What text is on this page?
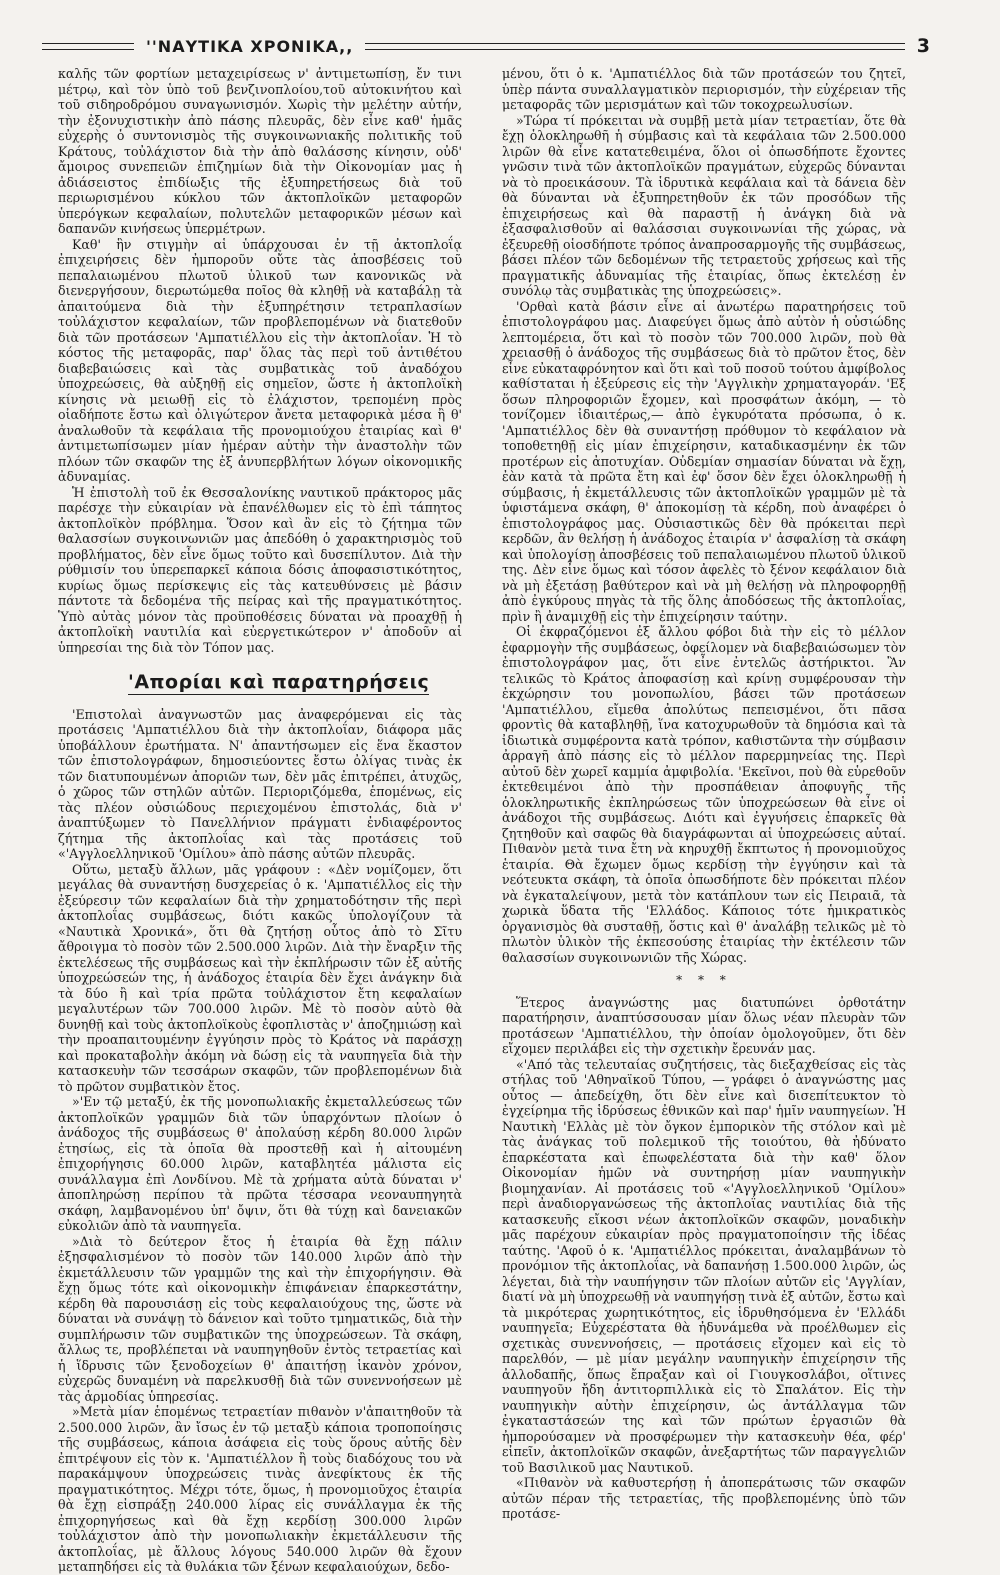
''ΝΑΥΤΙΚΑ ΧΡΟΝΙΚΑ,,	3

καλῆς τῶν φορτίων μεταχειρίσεως ν' ἀντιμετωπίσῃ, ἔν τινι μέτρῳ, καὶ τὸν ὑπὸ τοῦ βενζινοπλοίου,τοῦ αὐτοκινήτου καὶ τοῦ σιδηροδρόμου συναγωνισμόν. Χωρὶς τὴν μελέτην αὐτήν, τὴν ἐξονυχιστικὴν ἀπὸ πάσης πλευρᾶς, δὲν εἶνε καθ' ἡμᾶς εὐχερὴς ὁ συντονισμὸς τῆς συγκοινωνιακῆς πολιτικῆς τοῦ Κράτους, τοὐλάχιστον διὰ τὴν ἀπὸ θαλάσσης κίνησιν, οὐδ' ἄμοιρος συνεπειῶν ἐπιζημίων διὰ τὴν Οἰκονομίαν μας ἡ ἀδιάσειστος ἐπιδίωξις τῆς ἐξυπηρετήσεως διὰ τοῦ περιωρισμένου κύκλου τῶν ἀκτοπλοϊκῶν μεταφορῶν ὑπερόγκων κεφαλαίων, πολυτελῶν μεταφορικῶν μέσων καὶ δαπανῶν κινήσεως ὑπερμέτρων.

Καθ' ἣν στιγμὴν αἱ ὑπάρχουσαι ἐν τῇ ἀκτοπλοΐᾳ ἐπιχειρήσεις δὲν ἠμποροῦν οὔτε τὰς ἀποσβέσεις τοῦ πεπαλαιωμένου πλωτοῦ ὑλικοῦ των κανονικῶς νὰ διενεργήσουν, διερωτώμεθα ποῖος θὰ κληθῇ νὰ καταβάλῃ τὰ ἀπαιτούμενα διὰ τὴν ἐξυπηρέτησιν τετραπλασίων τοὐλάχιστον κεφαλαίων, τῶν προβλεπομένων νὰ διατεθοῦν διὰ τῶν προτάσεων 'Αμπατιέλλου εἰς τὴν ἀκτοπλοΐαν. Ἡ τὸ κόστος τῆς μεταφορᾶς, παρ' ὅλας τὰς περὶ τοῦ ἀντιθέτου διαβεβαιώσεις καὶ τὰς συμβατικὰς τοῦ ἀναδόχου ὑποχρεώσεις, θὰ αὐξηθῇ εἰς σημεῖον, ὥστε ἡ ἀκτοπλοϊκὴ κίνησις νὰ μειωθῇ εἰς τὸ ἐλάχιστον, τρεπομένη πρὸς οἰαδήποτε ἔστω καὶ ὀλιγώτερον ἄνετα μεταφορικὰ μέσα ἢ θ' ἀναλωθοῦν τὰ κεφάλαια τῆς προνομιούχου ἑταιρίας καὶ θ' ἀντιμετωπίσωμεν μίαν ἡμέραν αὐτὴν τὴν ἀναστολὴν τῶν πλόων τῶν σκαφῶν της ἐξ ἀνυπερβλήτων λόγων οἰκονομικῆς ἀδυναμίας.

Ἡ ἐπιστολὴ τοῦ ἐκ Θεσσαλονίκης ναυτικοῦ πράκτορος μᾶς παρέσχε τὴν εὐκαιρίαν νὰ ἐπανέλθωμεν εἰς τὸ ἐπὶ τάπητος ἀκτοπλοϊκὸν πρόβλημα. Ὅσον καὶ ἂν εἰς τὸ ζήτημα τῶν θαλασσίων συγκοινωνιῶν μας ἀπεδόθη ὁ χαρακτηρισμὸς τοῦ προβλήματος, δὲν εἶνε ὅμως τοῦτο καὶ δυσεπίλυτον. Διὰ τὴν ρύθμισίν του ὑπερεπαρκεῖ κάποια δόσις ἀποφασιστικότητος, κυρίως ὅμως περίσκεψις εἰς τὰς κατευθύνσεις μὲ βάσιν πάντοτε τὰ δεδομένα τῆς πείρας καὶ τῆς πραγματικότητος. Ὑπὸ αὐτὰς μόνον τὰς προϋποθέσεις δύναται νὰ προαχθῇ ἡ ἀκτοπλοϊκὴ ναυτιλία καὶ εὐεργετικώτερον ν' ἀποδοῦν αἱ ὑπηρεσίαι της διὰ τὸν Τόπον μας.

'Απορίαι καὶ παρατηρήσεις

'Επιστολαὶ ἀναγνωστῶν μας ἀναφερόμεναι εἰς τὰς προτάσεις 'Αμπατιέλλου διὰ τὴν ἀκτοπλοΐαν, διάφορα μᾶς ὑποβάλλουν ἐρωτήματα. Ν' ἀπαντήσωμεν εἰς ἕνα ἕκαστον τῶν ἐπιστολογράφων, δημοσιεύοντες ἔστω ὀλίγας τινὰς ἐκ τῶν διατυπουμένων ἀποριῶν των, δὲν μᾶς ἐπιτρέπει, ἀτυχῶς, ὁ χῶρος τῶν στηλῶν αὐτῶν. Περιοριζόμεθα, ἑπομένως, εἰς τὰς πλέον οὐσιώδους περιεχομένου ἐπιστολάς, διὰ ν' ἀναπτύξωμεν τὸ Πανελλήνιον πράγματι ἐνδιαφέροντος ζήτημα τῆς ἀκτοπλοΐας καὶ τὰς προτάσεις τοῦ «'Αγγλοελληνικοῦ 'Ομίλου» ἀπὸ πάσης αὐτῶν πλευρᾶς.

Οὕτω, μεταξὺ ἄλλων, μᾶς γράφουν : «Δὲν νομίζομεν, ὅτι μεγάλας θὰ συναντήσῃ δυσχερείας ὁ κ. 'Αμπατιέλλος εἰς τὴν ἐξεύρεσιν τῶν κεφαλαίων διὰ τὴν χρηματοδότησιν τῆς περὶ ἀκτοπλοΐας συμβάσεως, διότι κακῶς ὑπολογίζουν τὰ «Ναυτικὰ Χρονικά», ὅτι θὰ ζητήσῃ οὗτος ἀπὸ τὸ Σῖτυ ἄθροιγμα τὸ ποσὸν τῶν 2.500.000 λιρῶν. Διὰ τὴν ἔναρξιν τῆς ἐκτελέσεως τῆς συμβάσεως καὶ τὴν ἐκπλήρωσιν τῶν ἐξ αὐτῆς ὑποχρεώσεών της, ἡ ἀνάδοχος ἑταιρία δὲν ἔχει ἀνάγκην διὰ τὰ δύο ἢ καὶ τρία πρῶτα τοὐλάχιστον ἔτη κεφαλαίων μεγαλυτέρων τῶν 700.000 λιρῶν. Μὲ τὸ ποσὸν αὐτὸ θὰ δυνηθῇ καὶ τοὺς ἀκτοπλοϊκοὺς ἐφοπλιστὰς ν' ἀποζημιώσῃ καὶ τὴν προαπαιτουμένην ἐγγύησιν πρὸς τὸ Κράτος νὰ παράσχῃ καὶ προκαταβολὴν ἀκόμη νὰ δώσῃ εἰς τὰ ναυπηγεῖα διὰ τὴν κατασκευὴν τῶν τεσσάρων σκαφῶν, τῶν προβλεπομένων διὰ τὸ πρῶτον συμβατικὸν ἔτος.

»'Εν τῷ μεταξύ, ἐκ τῆς μονοπωλιακῆς ἐκμεταλλεύσεως τῶν ἀκτοπλοϊκῶν γραμμῶν διὰ τῶν ὑπαρχόντων πλοίων ὁ ἀνάδοχος τῆς συμβάσεως θ' ἀπολαύσῃ κέρδη 80.000 λιρῶν ἐτησίως, εἰς τὰ ὁποῖα θὰ προστεθῇ καὶ ἡ αἰτουμένη ἐπιχορήγησις 60.000 λιρῶν, καταβλητέα μάλιστα εἰς συνάλλαγμα ἐπὶ Λονδίνου. Μὲ τὰ χρήματα αὐτὰ δύναται ν' ἀποπληρώσῃ περίπου τὰ πρῶτα τέσσαρα νεοναυπηγητὰ σκάφη, λαμβανομένου ὑπ' ὄψιν, ὅτι θὰ τύχῃ καὶ δανειακῶν εὐκολιῶν ἀπὸ τὰ ναυπηγεῖα.

»Διὰ τὸ δεύτερον ἔτος ἡ ἑταιρία θὰ ἔχῃ πάλιν ἐξησφαλισμένον τὸ ποσὸν τῶν 140.000 λιρῶν ἀπὸ τὴν ἐκμετάλλευσιν τῶν γραμμῶν της καὶ τὴν ἐπιχορήγησιν. Θὰ ἔχῃ ὅμως τότε καὶ οἰκονομικὴν ἐπιφάνειαν ἐπαρκεστάτην, κέρδη θὰ παρουσιάσῃ εἰς τοὺς κεφαλαιούχους της, ὥστε νὰ δύναται νὰ συνάψῃ τὸ δάνειον καὶ τοῦτο τμηματικῶς, διὰ τὴν συμπλήρωσιν τῶν συμβατικῶν της ὑποχρεώσεων. Τὰ σκάφη, ἄλλως τε, προβλέπεται νὰ ναυπηγηθοῦν ἐντὸς τετραετίας καὶ ἡ ἵδρυσις τῶν ξενοδοχείων θ' ἀπαιτήσῃ ἱκανὸν χρόνον, εὐχερῶς δυναμένη νὰ παρελκυσθῇ διὰ τῶν συνεννοήσεων μὲ τὰς ἁρμοδίας ὑπηρεσίας.

»Μετὰ μίαν ἑπομένως τετραετίαν πιθανὸν ν'ἀπαιτηθοῦν τὰ 2.500.000 λιρῶν, ἂν ἴσως ἐν τῷ μεταξὺ κάποια τροποποίησις τῆς συμβάσεως, κάποια ἀσάφεια εἰς τοὺς ὅρους αὐτῆς δὲν ἐπιτρέψουν εἰς τὸν κ. 'Αμπατιέλλον ἢ τοὺς διαδόχους του νὰ παρακάμψουν ὑποχρεώσεις τινὰς ἀνεφίκτους ἐκ τῆς πραγματικότητος. Μέχρι τότε, ὅμως, ἡ προνομιοῦχος ἑταιρία θὰ ἔχῃ εἰσπράξῃ 240.000 λίρας εἰς συνάλλαγμα ἐκ τῆς ἐπιχορηγήσεως καὶ θὰ ἔχῃ κερδίσῃ 300.000 λιρῶν τοὐλάχιστον ἀπὸ τὴν μονοπωλιακὴν ἐκμετάλλευσιν τῆς ἀκτοπλοΐας, μὲ ἄλλους λόγους 540.000 λιρῶν θὰ ἔχουν μεταπηδήσει εἰς τὰ θυλάκια τῶν ξένων κεφαλαιούχων, δεδο-

μένου, ὅτι ὁ κ. 'Αμπατιέλλος διὰ τῶν προτάσεών του ζητεῖ, ὑπὲρ πάντα συναλλαγματικὸν περιορισμόν, τὴν εὐχέρειαν τῆς μεταφορᾶς τῶν μερισμάτων καὶ τῶν τοκοχρεωλυσίων.

»Τώρα τί πρόκειται νὰ συμβῇ μετὰ μίαν τετραετίαν, ὅτε θὰ ἔχῃ ὁλοκληρωθῆ ἡ σύμβασις καὶ τὰ κεφάλαια τῶν 2.500.000 λιρῶν θὰ εἶνε κατατεθειμένα, ὅλοι οἱ ὁπωσδήποτε ἔχοντες γνῶσιν τινὰ τῶν ἀκτοπλοϊκῶν πραγμάτων, εὐχερῶς δύνανται νὰ τὸ προεικάσουν. Τὰ ἱδρυτικὰ κεφάλαια καὶ τὰ δάνεια δὲν θὰ δύνανται νὰ ἐξυπηρετηθοῦν ἐκ τῶν προσόδων τῆς ἐπιχειρήσεως καὶ θὰ παραστῇ ἡ ἀνάγκη διὰ νὰ ἐξασφαλισθοῦν αἱ θαλάσσιαι συγκοινωνίαι τῆς χώρας, νὰ ἐξευρεθῇ οἱοσδήποτε τρόπος ἀναπροσαρμογῆς τῆς συμβάσεως, βάσει πλέον τῶν δεδομένων τῆς τετραετοῦς χρήσεως καὶ τῆς πραγματικῆς ἀδυναμίας τῆς ἑταιρίας, ὅπως ἐκτελέσῃ ἐν συνόλῳ τὰς συμβατικὰς της ὑποχρεώσεις».

'Ορθαὶ κατὰ βάσιν εἶνε αἱ ἀνωτέρω παρατηρήσεις τοῦ ἐπιστολογράφου μας. Διαφεύγει ὅμως ἀπὸ αὐτὸν ἡ οὐσιώδης λεπτομέρεια, ὅτι καὶ τὸ ποσὸν τῶν 700.000 λιρῶν, ποὺ θὰ χρειασθῇ ὁ ἀνάδοχος τῆς συμβάσεως διὰ τὸ πρῶτον ἔτος, δὲν εἶνε εὐκαταφρόνητον καὶ ὅτι καὶ τοῦ ποσοῦ τούτου ἀμφίβολος καθίσταται ἡ ἐξεύρεσις εἰς τὴν 'Αγγλικὴν χρηματαγοράν. 'Εξ ὅσων πληροφοριῶν ἔχομεν, καὶ προσφάτων ἀκόμη, — τὸ τονίζομεν ἰδιαιτέρως,— ἀπὸ ἐγκυρότατα πρόσωπα, ὁ κ. 'Αμπατιέλλος δὲν θὰ συναντήσῃ πρόθυμον τὸ κεφάλαιον νὰ τοποθετηθῇ εἰς μίαν ἐπιχείρησιν, καταδικασμένην ἐκ τῶν προτέρων εἰς ἀποτυχίαν. Οὐδεμίαν σημασίαν δύναται νὰ ἔχῃ, ἐὰν κατὰ τὰ πρῶτα ἔτη καὶ ἐφ' ὅσον δὲν ἔχει ὁλοκληρωθῇ ἡ σύμβασις, ἡ ἐκμετάλλευσις τῶν ἀκτοπλοϊκῶν γραμμῶν μὲ τὰ ὑφιστάμενα σκάφη, θ' ἀποκομίσῃ τὰ κέρδη, ποὺ ἀναφέρει ὁ ἐπιστολογράφος μας. Οὐσιαστικῶς δὲν θὰ πρόκειται περὶ κερδῶν, ἂν θελήσῃ ἡ ἀνάδοχος ἑταιρία ν' ἀσφαλίσῃ τὰ σκάφη καὶ ὑπολογίσῃ ἀποσβέσεις τοῦ πεπαλαιωμένου πλωτοῦ ὑλικοῦ της. Δὲν εἶνε ὅμως καὶ τόσον ἀφελὲς τὸ ξένον κεφάλαιον διὰ νὰ μὴ ἐξετάσῃ βαθύτερον καὶ νὰ μὴ θελήσῃ νὰ πληροφορηθῇ ἀπὸ ἐγκύρους πηγὰς τὰ τῆς ὅλης ἀποδόσεως τῆς ἀκτοπλοΐας, πρὶν ἢ ἀναμιχθῇ εἰς τὴν ἐπιχείρησιν ταύτην.

Οἱ ἐκφραζόμενοι ἐξ ἄλλου φόβοι διὰ τὴν εἰς τὸ μέλλον ἐφαρμογὴν τῆς συμβάσεως, ὀφείλομεν νὰ διαβεβαιώσωμεν τὸν ἐπιστολογράφον μας, ὅτι εἶνε ἐντελῶς ἀστήρικτοι. Ἂν τελικῶς τὸ Κράτος ἀποφασίσῃ καὶ κρίνῃ συμφέρουσαν τὴν ἐκχώρησιν του μονοπωλίου, βάσει τῶν προτάσεων 'Αμπατιέλλου, εἴμεθα ἀπολύτως πεπεισμένοι, ὅτι πᾶσα φροντὶς θὰ καταβληθῇ, ἵνα κατοχυρωθοῦν τὰ δημόσια καὶ τὰ ἰδιωτικὰ συμφέροντα κατὰ τρόπον, καθιστῶντα τὴν σύμβασιν ἀρραγῆ ἀπὸ πάσης εἰς τὸ μέλλον παρερμηνείας της. Περὶ αὐτοῦ δὲν χωρεῖ καμμία ἀμφιβολία. 'Εκεῖνοι, ποὺ θὰ εὑρεθοῦν ἐκτεθειμένοι ἀπὸ τὴν προσπάθειαν ἀποφυγῆς τῆς ὁλοκληρωτικῆς ἐκπληρώσεως τῶν ὑποχρεώσεων θὰ εἶνε οἱ ἀνάδοχοι τῆς συμβάσεως. Διότι καὶ ἐγγυήσεις ἐπαρκεῖς θὰ ζητηθοῦν καὶ σαφῶς θὰ διαγράφωνται αἱ ὑποχρεώσεις αὐταί. Πιθανὸν μετὰ τινα ἔτη νὰ κηρυχθῇ ἔκπτωτος ἡ προνομιοῦχος ἑταιρία. Θὰ ἔχωμεν ὅμως κερδίσῃ τὴν ἐγγύησιν καὶ τὰ νεότευκτα σκάφη, τὰ ὁποῖα ὁπωσδήποτε δὲν πρόκειται πλέον νὰ ἐγκαταλείψουν, μετὰ τὸν κατάπλουν των εἰς Πειραιᾶ, τὰ χωρικὰ ὕδατα τῆς 'Ελλάδος. Κάποιος τότε ἡμικρατικὸς ὀργανισμὸς θὰ συσταθῇ, ὅστις καὶ θ' ἀναλάβῃ τελικῶς μὲ τὸ πλωτὸν ὑλικὸν τῆς ἐκπεσούσης ἑταιρίας τὴν ἐκτέλεσιν τῶν θαλασσίων συγκοινωνιῶν τῆς Χώρας.

* * *

Ἕτερος ἀναγνώστης μας διατυπώνει ὀρθοτάτην παρατήρησιν, ἀναπτύσσουσαν μίαν ὅλως νέαν πλευρὰν τῶν προτάσεων 'Αμπατιέλλου, τὴν ὁποίαν ὁμολογοῦμεν, ὅτι δὲν εἴχομεν περιλάβει εἰς τὴν σχετικὴν ἔρευνάν μας.

«'Από τὰς τελευταίας συζητήσεις, τὰς διεξαχθείσας εἰς τὰς στήλας τοῦ 'Αθηναϊκοῦ Τύπου, — γράφει ὁ ἀναγνώστης μας οὗτος — ἀπεδείχθη, ὅτι δὲν εἶνε καὶ δισεπίτευκτον τὸ ἐγχείρημα τῆς ἱδρύσεως ἐθνικῶν καὶ παρ' ἡμῖν ναυπηγείων. Ἡ Ναυτικὴ 'Ελλὰς μὲ τὸν ὄγκον ἐμπορικὸν τῆς στόλον καὶ μὲ τὰς ἀνάγκας τοῦ πολεμικοῦ τῆς τοιούτου, θὰ ἠδύνατο ἐπαρκέστατα καὶ ἐπωφελέστατα διὰ τὴν καθ' ὅλον Οἰκονομίαν ἡμῶν νὰ συντηρήσῃ μίαν ναυπηγικὴν βιομηχανίαν. Αἱ προτάσεις τοῦ «'Αγγλοελληνικοῦ 'Ομίλου» περὶ ἀναδιοργανώσεως τῆς ἀκτοπλοΐας ναυτιλίας διὰ τῆς κατασκευῆς εἴκοσι νέων ἀκτοπλοϊκῶν σκαφῶν, μοναδικὴν μᾶς παρέχουν εὐκαιρίαν πρὸς πραγματοποίησιν τῆς ἰδέας ταύτης. 'Αφοῦ ὁ κ. 'Αμπατιέλλος πρόκειται, ἀναλαμβάνων τὸ προνόμιον τῆς ἀκτοπλοΐας, νὰ δαπανήσῃ 1.500.000 λιρῶν, ὡς λέγεται, διὰ τὴν ναυπήγησιν τῶν πλοίων αὐτῶν εἰς 'Αγγλίαν, διατί νὰ μὴ ὑποχρεωθῇ νὰ ναυπηγήσῃ τινὰ ἐξ αὐτῶν, ἔστω καὶ τὰ μικρότερας χωρητικότητος, εἰς ἱδρυθησόμενα ἐν 'Ελλάδι ναυπηγεῖα; Εὐχερέστατα θὰ ἠδυνάμεθα νὰ προέλθωμεν εἰς σχετικὰς συνεννοήσεις, — προτάσεις εἴχομεν καὶ εἰς τὸ παρελθόν, — μὲ μίαν μεγάλην ναυπηγικὴν ἐπιχείρησιν τῆς ἀλλοδαπῆς, ὅπως ἔπραξαν καὶ οἱ Γιουγκοσλάβοι, οἵτινες ναυπηγοῦν ἤδη ἀντιτορπιλλικὰ εἰς τὸ Σπαλάτον. Εἰς τὴν ναυπηγικὴν αὐτὴν ἐπιχείρησιν, ὡς ἀντάλλαγμα τῶν ἐγκαταστάσεών της καὶ τῶν πρώτων ἐργασιῶν θὰ ἠμπορούσαμεν νὰ προσφέρωμεν τὴν κατασκευὴν θέα, φέρ' εἰπεῖν, ἀκτοπλοϊκῶν σκαφῶν, ἀνεξαρτήτως τῶν παραγγελιῶν τοῦ Βασιλικοῦ μας Ναυτικοῦ.

«Πιθανὸν νὰ καθυστερήσῃ ἡ ἀποπεράτωσις τῶν σκαφῶν αὐτῶν πέραν τῆς τετραετίας, τῆς προβλεπομένης ὑπὸ τῶν προτάσε-
